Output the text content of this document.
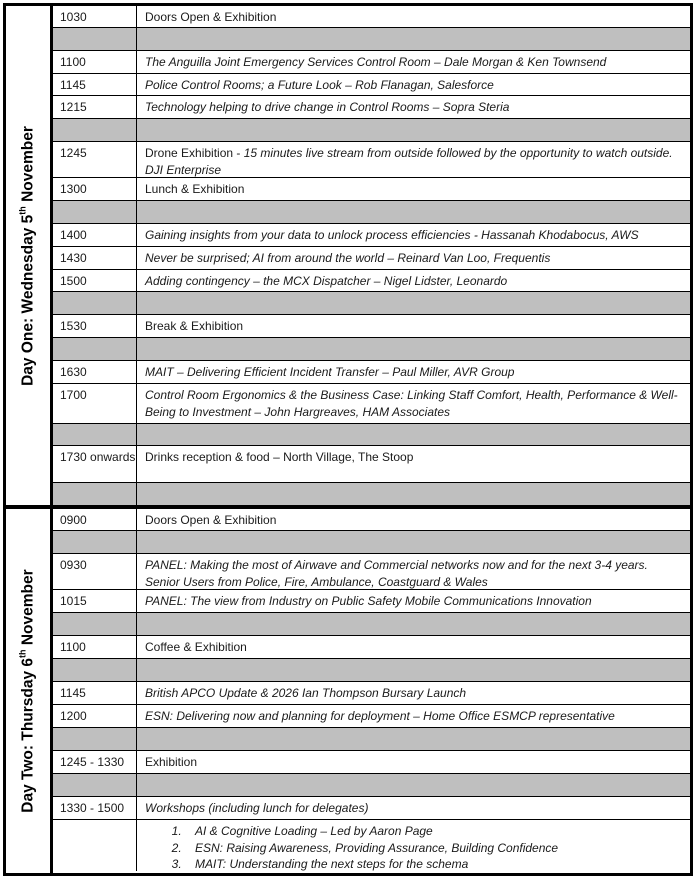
Day One: Wednesday 5th November
1030	Doors Open & Exhibition
1100	The Anguilla Joint Emergency Services Control Room – Dale Morgan & Ken Townsend
1145	Police Control Rooms; a Future Look – Rob Flanagan, Salesforce
1215	Technology helping to drive change in Control Rooms – Sopra Steria
1245	Drone Exhibition - 15 minutes live stream from outside followed by the opportunity to watch outside. DJI Enterprise
1300	Lunch & Exhibition
1400	Gaining insights from your data to unlock process efficiencies - Hassanah Khodabocus, AWS
1430	Never be surprised; AI from around the world – Reinard Van Loo, Frequentis
1500	Adding contingency – the MCX Dispatcher – Nigel Lidster, Leonardo
1530	Break & Exhibition
1630	MAIT – Delivering Efficient Incident Transfer – Paul Miller, AVR Group
1700	Control Room Ergonomics & the Business Case: Linking Staff Comfort, Health, Performance & Well-Being to Investment – John Hargreaves, HAM Associates
1730 onwards Drinks reception & food – North Village, The Stoop
Day Two: Thursday 6th November
0900	Doors Open & Exhibition
0930	PANEL: Making the most of Airwave and Commercial networks now and for the next 3-4 years. Senior Users from Police, Fire, Ambulance, Coastguard & Wales
1015	PANEL: The view from Industry on Public Safety Mobile Communications Innovation
1100	Coffee & Exhibition
1145	British APCO Update & 2026 Ian Thompson Bursary Launch
1200	ESN: Delivering now and planning for deployment – Home Office ESMCP representative
1245 - 1330	Exhibition
1330 - 1500	Workshops (including lunch for delegates)
1. AI & Cognitive Loading – Led by Aaron Page
2. ESN: Raising Awareness, Providing Assurance, Building Confidence
3. MAIT: Understanding the next steps for the schema
